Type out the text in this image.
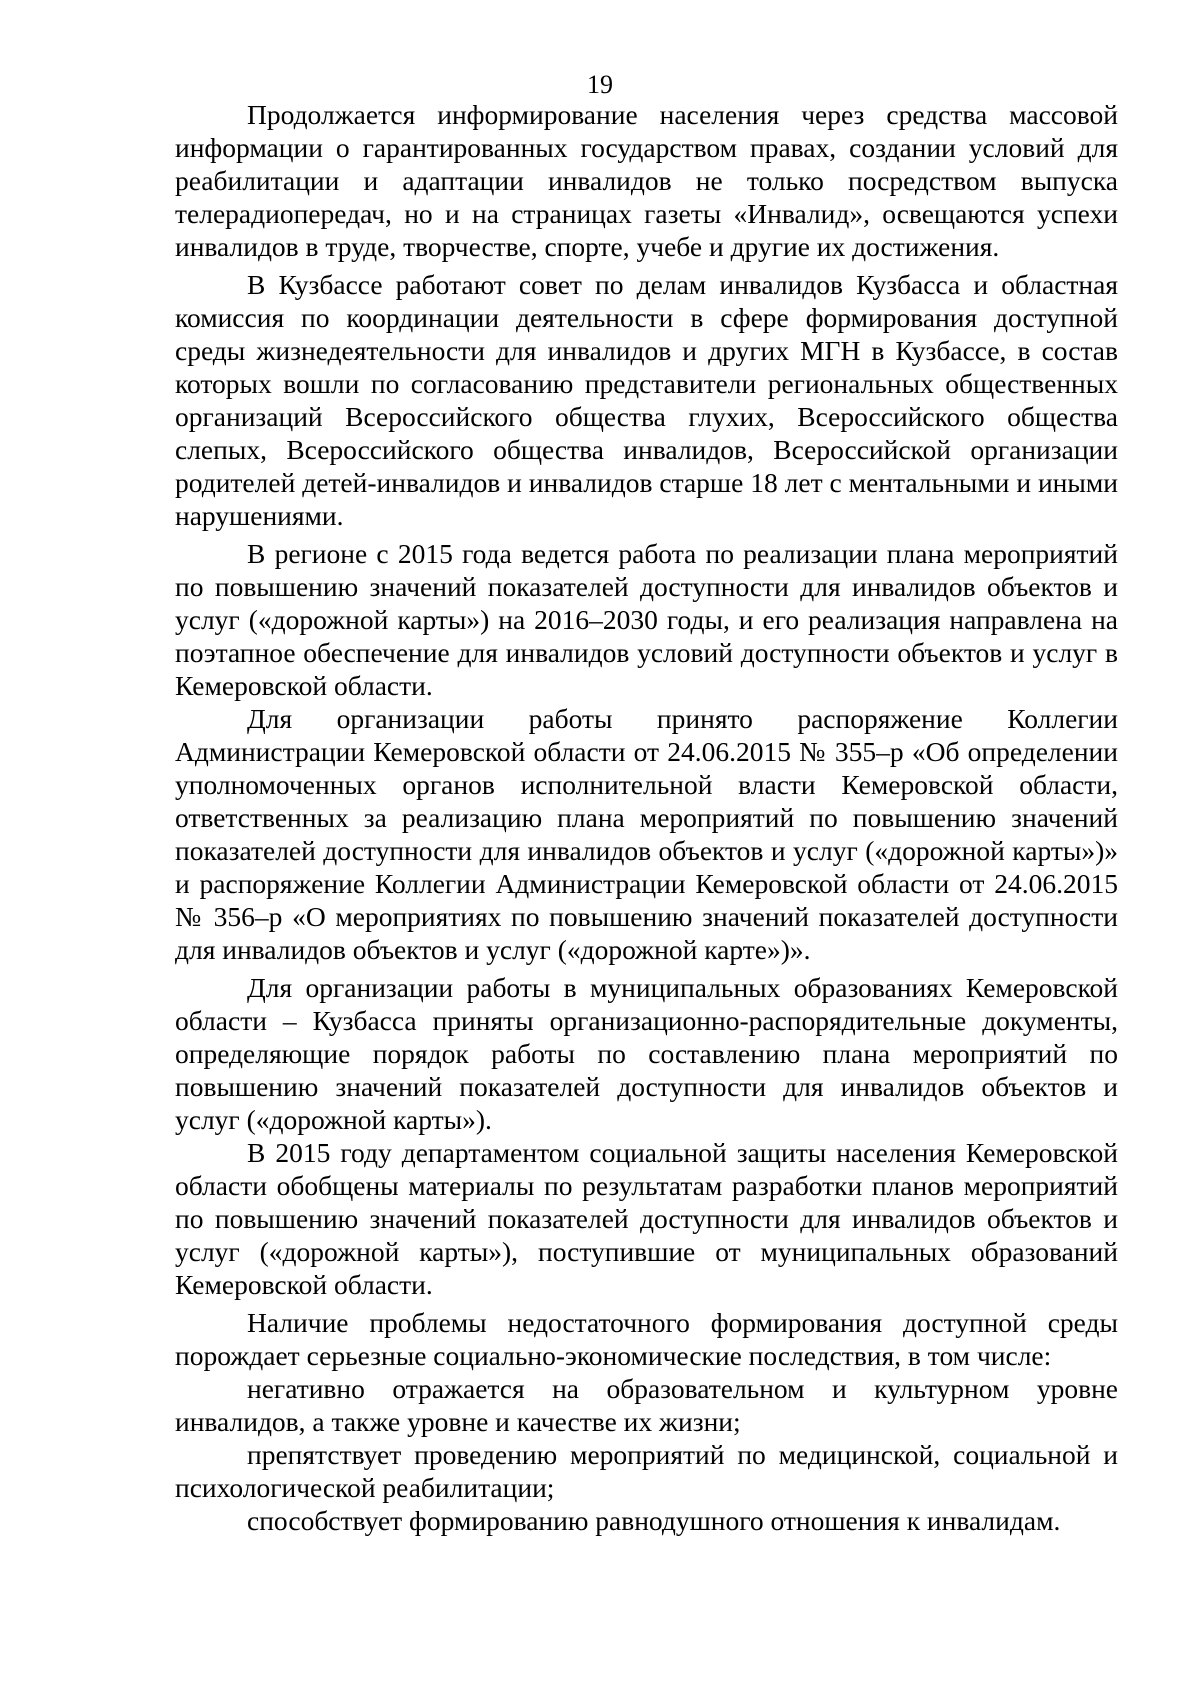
19

Продолжается информирование населения через средства массовой информации о гарантированных государством правах, создании условий для реабилитации и адаптации инвалидов не только посредством выпуска телерадиопередач, но и на страницах газеты «Инвалид», освещаются успехи инвалидов в труде, творчестве, спорте, учебе и другие их достижения.

В Кузбассе работают совет по делам инвалидов Кузбасса и областная комиссия по координации деятельности в сфере формирования доступной среды жизнедеятельности для инвалидов и других МГН в Кузбассе, в состав которых вошли по согласованию представители региональных общественных организаций Всероссийского общества глухих, Всероссийского общества слепых, Всероссийского общества инвалидов, Всероссийской организации родителей детей-инвалидов и инвалидов старше 18 лет с ментальными и иными нарушениями.

В регионе с 2015 года ведется работа по реализации плана мероприятий по повышению значений показателей доступности для инвалидов объектов и услуг («дорожной карты») на 2016–2030 годы, и его реализация направлена на поэтапное обеспечение для инвалидов условий доступности объектов и услуг в Кемеровской области.

Для организации работы принято распоряжение Коллегии Администрации Кемеровской области от 24.06.2015 № 355–р «Об определении уполномоченных органов исполнительной власти Кемеровской области, ответственных за реализацию плана мероприятий по повышению значений показателей доступности для инвалидов объектов и услуг («дорожной карты»)» и распоряжение Коллегии Администрации Кемеровской области от 24.06.2015 № 356–р «О мероприятиях по повышению значений показателей доступности для инвалидов объектов и услуг («дорожной карте»)».

Для организации работы в муниципальных образованиях Кемеровской области – Кузбасса приняты организационно-распорядительные документы, определяющие порядок работы по составлению плана мероприятий по повышению значений показателей доступности для инвалидов объектов и услуг («дорожной карты»).

В 2015 году департаментом социальной защиты населения Кемеровской области обобщены материалы по результатам разработки планов мероприятий по повышению значений показателей доступности для инвалидов объектов и услуг («дорожной карты»), поступившие от муниципальных образований Кемеровской области.

Наличие проблемы недостаточного формирования доступной среды порождает серьезные социально-экономические последствия, в том числе:

негативно отражается на образовательном и культурном уровне инвалидов, а также уровне и качестве их жизни;

препятствует проведению мероприятий по медицинской, социальной и психологической реабилитации;

способствует формированию равнодушного отношения к инвалидам.
